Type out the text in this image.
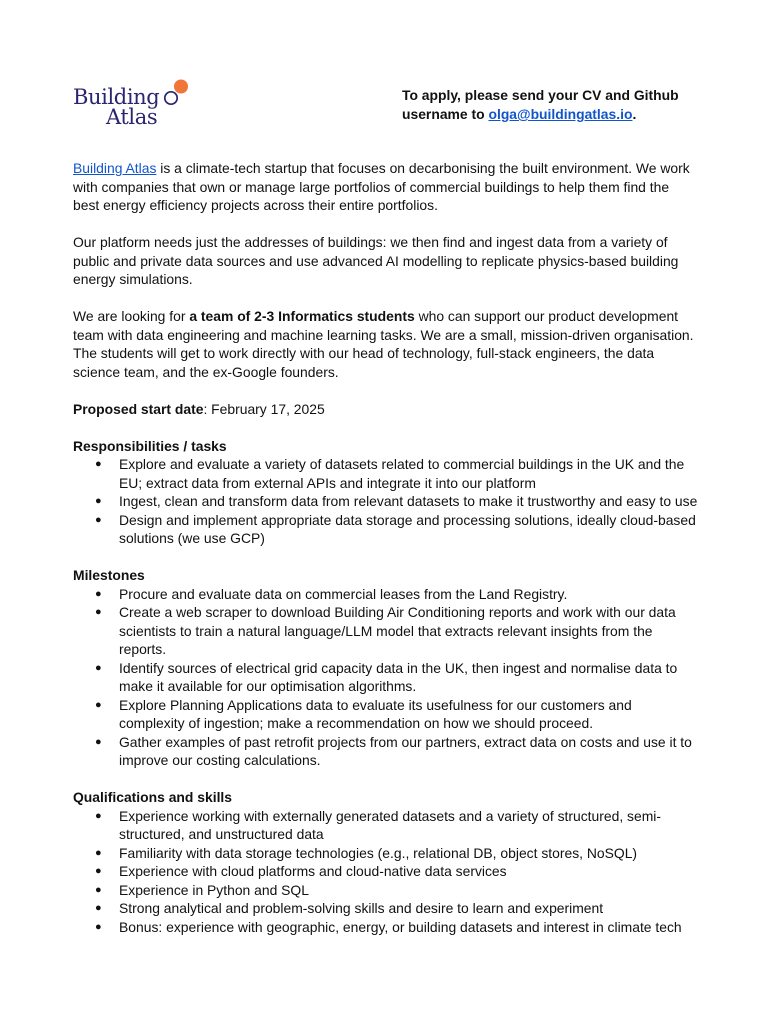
Building
Atlas
To apply, please send your CV and Github username to olga@buildingatlas.io.

Building Atlas is a climate-tech startup that focuses on decarbonising the built environment. We work with companies that own or manage large portfolios of commercial buildings to help them find the best energy efficiency projects across their entire portfolios.

Our platform needs just the addresses of buildings: we then find and ingest data from a variety of public and private data sources and use advanced AI modelling to replicate physics-based building energy simulations.

We are looking for a team of 2-3 Informatics students who can support our product development team with data engineering and machine learning tasks. We are a small, mission-driven organisation. The students will get to work directly with our head of technology, full-stack engineers, the data science team, and the ex-Google founders.

Proposed start date: February 17, 2025

Responsibilities / tasks
● Explore and evaluate a variety of datasets related to commercial buildings in the UK and the EU; extract data from external APIs and integrate it into our platform
● Ingest, clean and transform data from relevant datasets to make it trustworthy and easy to use
● Design and implement appropriate data storage and processing solutions, ideally cloud-based solutions (we use GCP)
Milestones
● Procure and evaluate data on commercial leases from the Land Registry.
● Create a web scraper to download Building Air Conditioning reports and work with our data scientists to train a natural language/LLM model that extracts relevant insights from the reports.
● Identify sources of electrical grid capacity data in the UK, then ingest and normalise data to make it available for our optimisation algorithms.
● Explore Planning Applications data to evaluate its usefulness for our customers and complexity of ingestion; make a recommendation on how we should proceed.
● Gather examples of past retrofit projects from our partners, extract data on costs and use it to improve our costing calculations.
Qualifications and skills
● Experience working with externally generated datasets and a variety of structured, semi-structured, and unstructured data
● Familiarity with data storage technologies (e.g., relational DB, object stores, NoSQL)
● Experience with cloud platforms and cloud-native data services
● Experience in Python and SQL
● Strong analytical and problem-solving skills and desire to learn and experiment
● Bonus: experience with geographic, energy, or building datasets and interest in climate tech
